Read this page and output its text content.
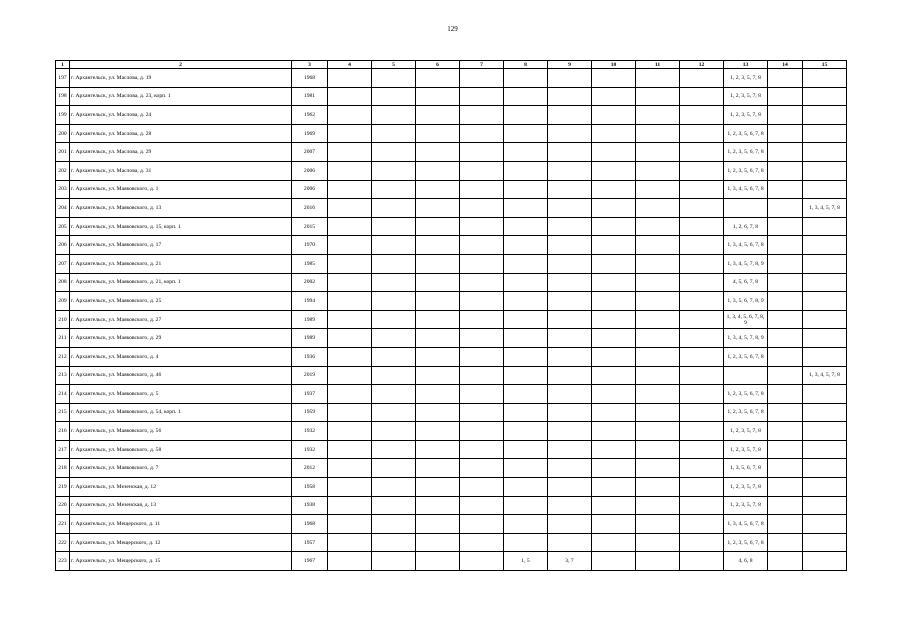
129
1	2	3	4	5	6	7	8	9	10	11	12	13	14	15
197	г. Архангельск, ул. Маслова, д. 19	1968										1, 2, 3, 5, 7, 8		
198	г. Архангельск, ул. Маслова, д. 23, корп. 1	1981										1, 2, 3, 5, 7, 8		
199	г. Архангельск, ул. Маслова, д. 24	1962										1, 2, 3, 5, 7, 8		
200	г. Архангельск, ул. Маслова, д. 28	1969										1, 2, 3, 5, 6, 7, 8		
201	г. Архангельск, ул. Маслова, д. 29	2007										1, 2, 3, 5, 6, 7, 8		
202	г. Архангельск, ул. Маслова, д. 31	2006										1, 2, 3, 5, 6, 7, 8		
203	г. Архангельск, ул. Маяковского, д. 1	2006										1, 3, 4, 5, 6, 7, 8		
204	г. Архангельск, ул. Маяковского, д. 13	2016												1, 3, 4, 5, 7, 8
205	г. Архангельск, ул. Маяковского, д. 15, корп. 1	2015										1, 2, 6, 7, 8		
206	г. Архангельск, ул. Маяковского, д. 17	1970										1, 3, 4, 5, 6, 7, 8		
207	г. Архангельск, ул. Маяковского, д. 21	1985										1, 3, 4, 5, 7, 8, 9		
208	г. Архангельск, ул. Маяковского, д. 21, корп. 1	2002										4, 5, 6, 7, 8		
209	г. Архангельск, ул. Маяковского, д. 25	1994										1, 3, 5, 6, 7, 8, 9		
210	г. Архангельск, ул. Маяковского, д. 27	1989										1, 3, 4, 5, 6, 7, 8, 9		
211	г. Архангельск, ул. Маяковского, д. 29	1989										1, 3, 4, 5, 7, 8, 9		
212	г. Архангельск, ул. Маяковского, д. 4	1936										1, 2, 3, 5, 6, 7, 8		
213	г. Архангельск, ул. Маяковского, д. 46	2019												1, 3, 4, 5, 7, 8
214	г. Архангельск, ул. Маяковского, д. 5	1937										1, 2, 3, 5, 6, 7, 8		
215	г. Архангельск, ул. Маяковского, д. 54, корп. 1	1959										1, 2, 3, 5, 6, 7, 8		
216	г. Архангельск, ул. Маяковского, д. 56	1932										1, 2, 3, 5, 7, 8		
217	г. Архангельск, ул. Маяковского, д. 58	1932										1, 2, 3, 5, 7, 8		
218	г. Архангельск, ул. Маяковского, д. 7	2012										1, 3, 5, 6, 7, 8		
219	г. Архангельск, ул. Мезенская, д. 12	1958										1, 2, 3, 5, 7, 8		
220	г. Архангельск, ул. Мезенская, д. 13	1938										1, 2, 3, 5, 7, 8		
221	г. Архангельск, ул. Мещерского, д. 11	1968										1, 3, 4, 5, 6, 7, 8		
222	г. Архангельск, ул. Мещерского, д. 12	1957										1, 2, 3, 5, 6, 7, 8		
223	г. Архангельск, ул. Мещерского, д. 15	1967					1, 5	3, 7				4, 6, 8		
